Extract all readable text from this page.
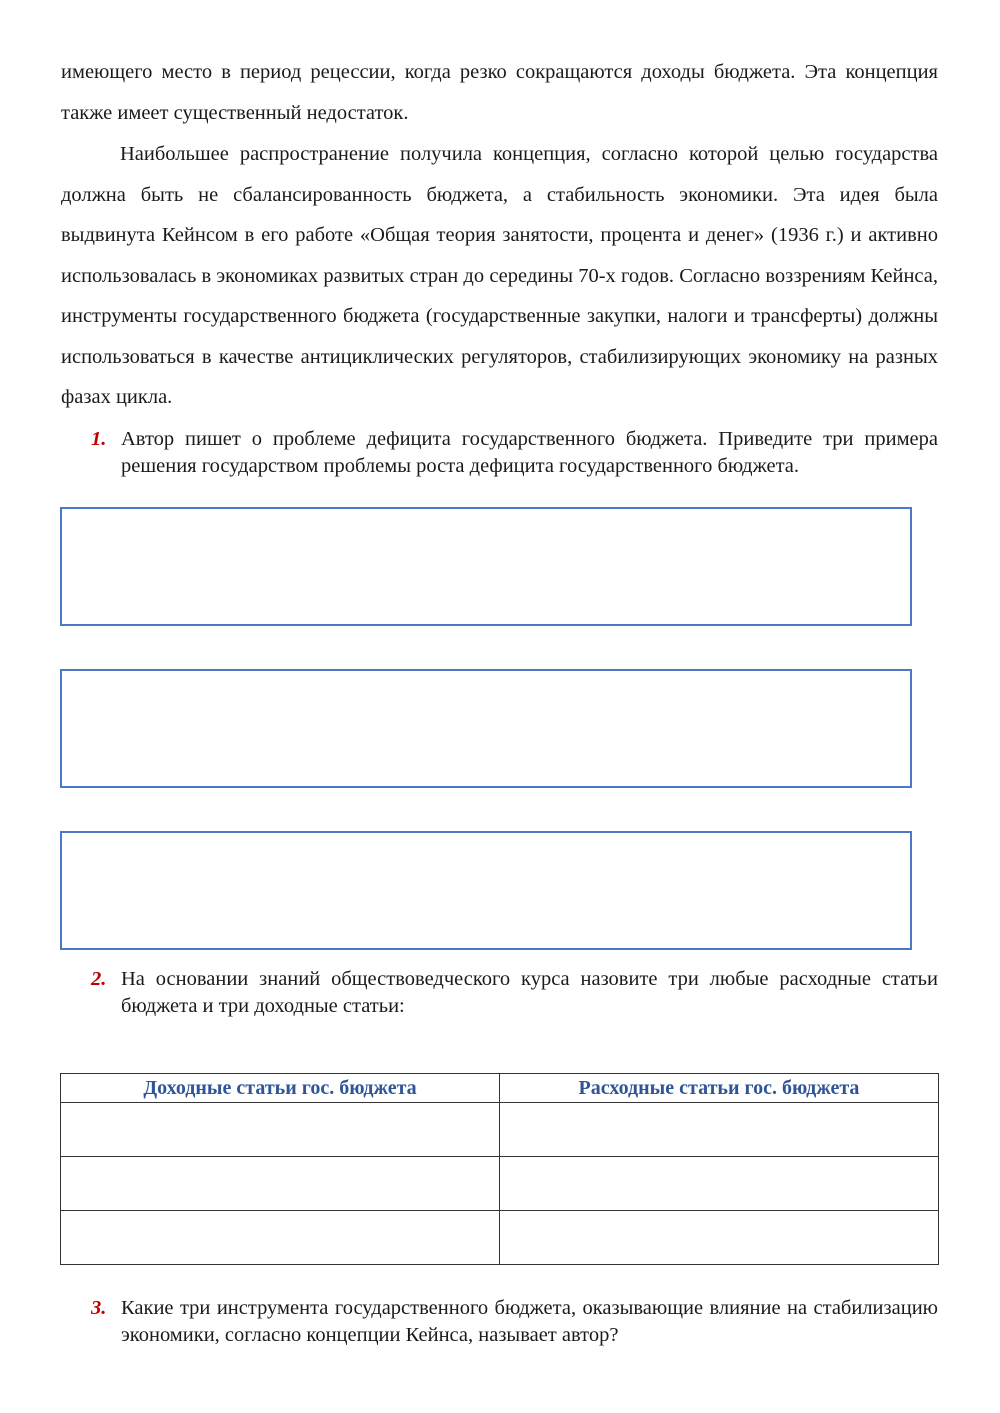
имеющего место в период рецессии, когда резко сокращаются доходы бюджета. Эта концепция также имеет существенный недостаток.

Наибольшее распространение получила концепция, согласно которой целью государства должна быть не сбалансированность бюджета, а стабильность экономики. Эта идея была выдвинута Кейнсом в его работе «Общая теория занятости, процента и денег» (1936 г.) и активно использовалась в экономиках развитых стран до середины 70-х годов. Согласно воззрениям Кейнса, инструменты государственного бюджета (государственные закупки, налоги и трансферты) должны использоваться в качестве антициклических регуляторов, стабилизирующих экономику на разных фазах цикла.

1. Автор пишет о проблеме дефицита государственного бюджета. Приведите три примера решения государством проблемы роста дефицита государственного бюджета.
2. На основании знаний обществоведческого курса назовите три любые расходные статьи бюджета и три доходные статьи:
Доходные статьи гос. бюджета	Расходные статьи гос. бюджета

3. Какие три инструмента государственного бюджета, оказывающие влияние на стабилизацию экономики, согласно концепции Кейнса, называет автор?
